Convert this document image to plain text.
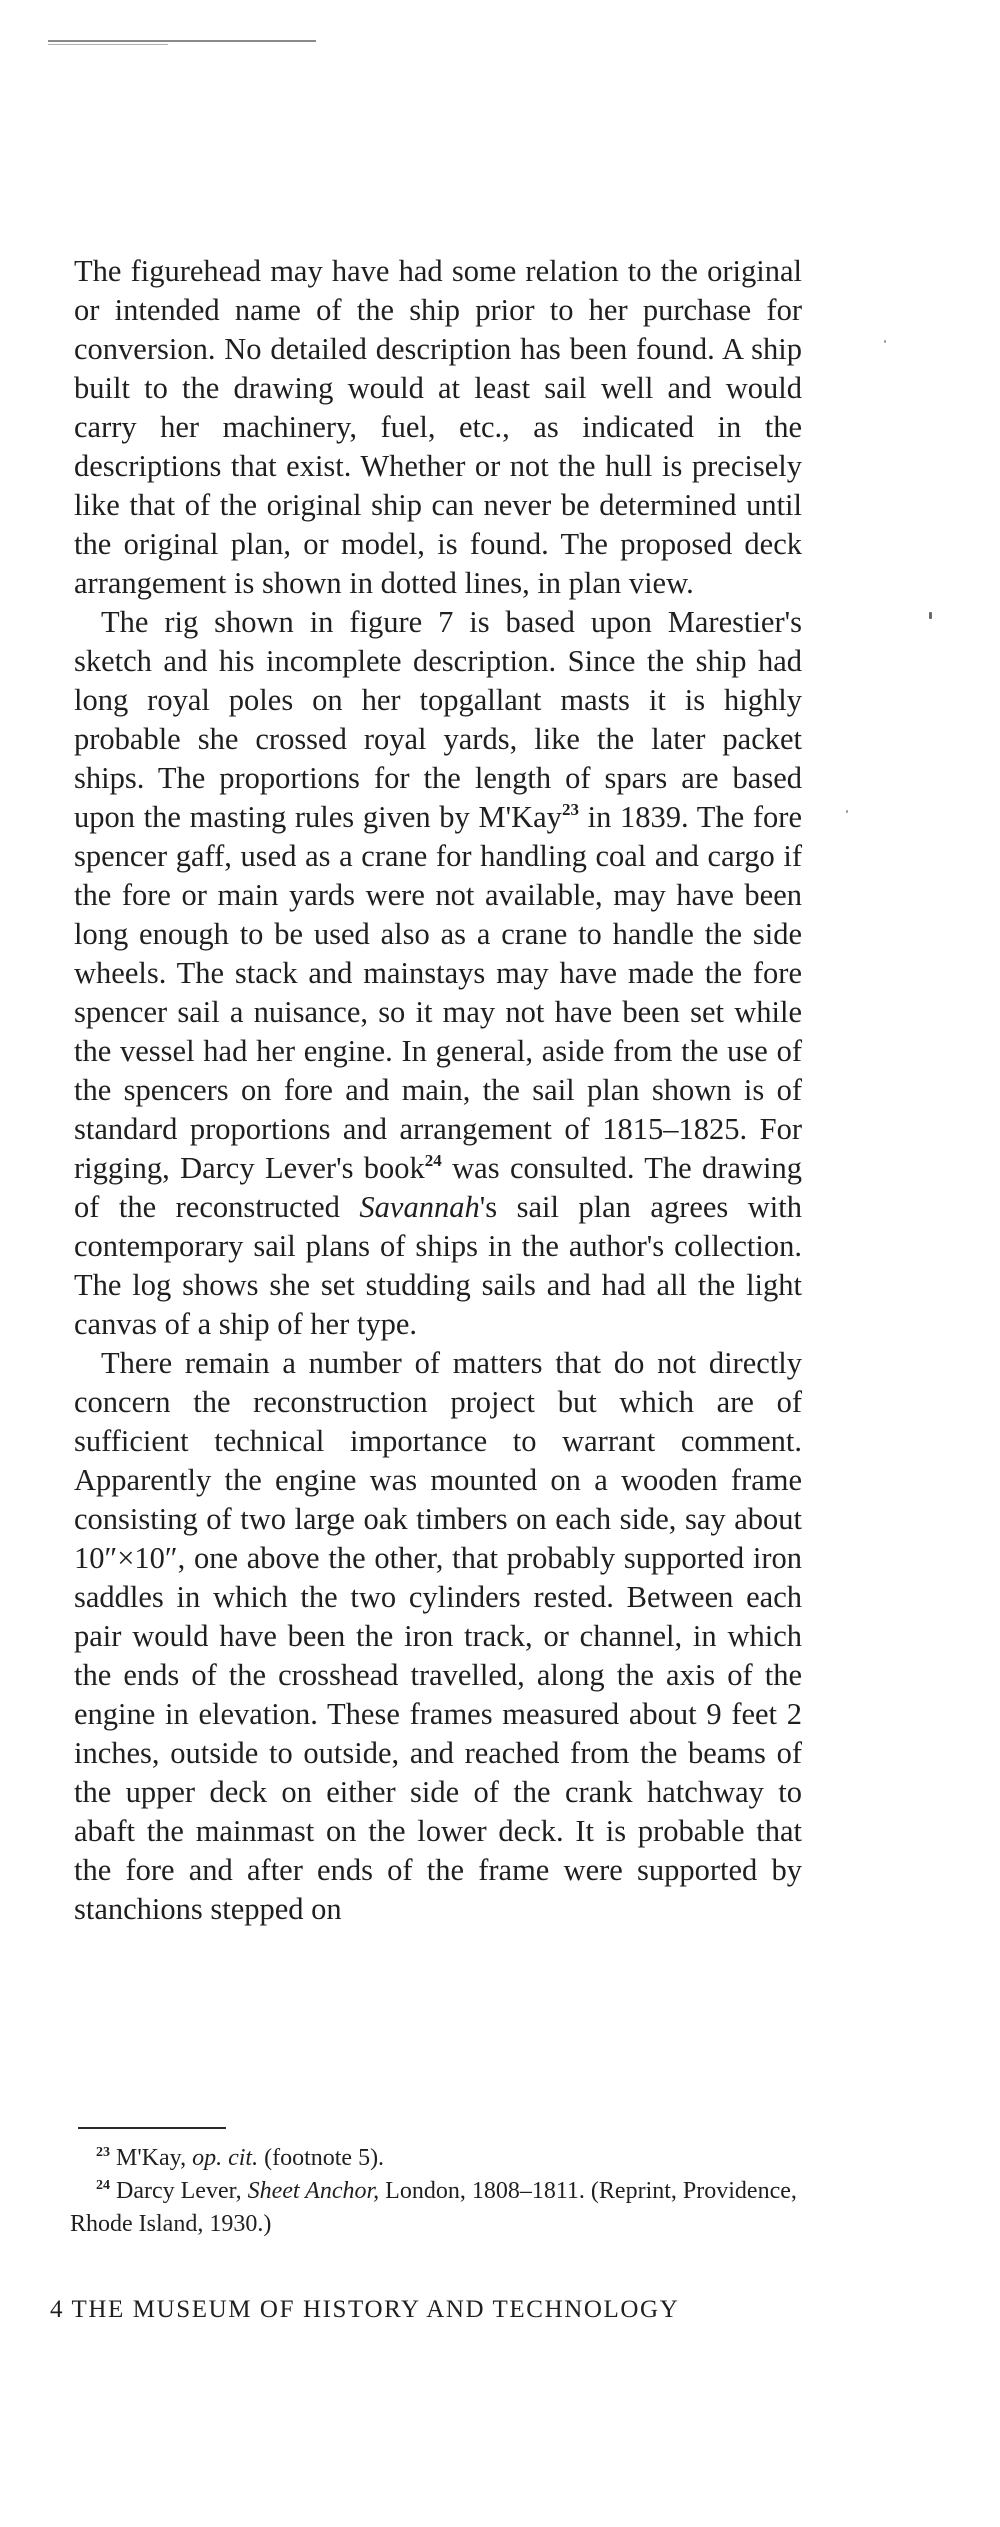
The figurehead may have had some relation to the original or intended name of the ship prior to her purchase for conversion. No detailed description has been found. A ship built to the drawing would at least sail well and would carry her machinery, fuel, etc., as indicated in the descriptions that exist. Whether or not the hull is precisely like that of the original ship can never be determined until the original plan, or model, is found. The proposed deck arrangement is shown in dotted lines, in plan view.

The rig shown in figure 7 is based upon Marestier's sketch and his incomplete description. Since the ship had long royal poles on her topgallant masts it is highly probable she crossed royal yards, like the later packet ships. The proportions for the length of spars are based upon the masting rules given by M'Kay$^{23}$ in 1839. The fore spencer gaff, used as a crane for handling coal and cargo if the fore or main yards were not available, may have been long enough to be used also as a crane to handle the side wheels. The stack and mainstays may have made the fore spencer sail a nuisance, so it may not have been set while the vessel had her engine. In general, aside from the use of the spencers on fore and main, the sail plan shown is of standard proportions and arrangement of 1815–1825. For rigging, Darcy Lever's book$^{24}$ was consulted. The drawing of the reconstructed Savannah's sail plan agrees with contemporary sail plans of ships in the author's collection. The log shows she set studding sails and had all the light canvas of a ship of her type.

There remain a number of matters that do not directly concern the reconstruction project but which are of sufficient technical importance to warrant comment. Apparently the engine was mounted on a wooden frame consisting of two large oak timbers on each side, say about 10″×10″, one above the other, that probably supported iron saddles in which the two cylinders rested. Between each pair would have been the iron track, or channel, in which the ends of the crosshead travelled, along the axis of the engine in elevation. These frames measured about 9 feet 2 inches, outside to outside, and reached from the beams of the upper deck on either side of the crank hatchway to abaft the mainmast on the lower deck. It is probable that the fore and after ends of the frame were supported by stanchions stepped on

$^{23}$ M'Kay, op. cit. (footnote 5).

$^{24}$ Darcy Lever, Sheet Anchor, London, 1808–1811. (Reprint, Providence, Rhode Island, 1930.)

4 THE MUSEUM OF HISTORY AND TECHNOLOGY
